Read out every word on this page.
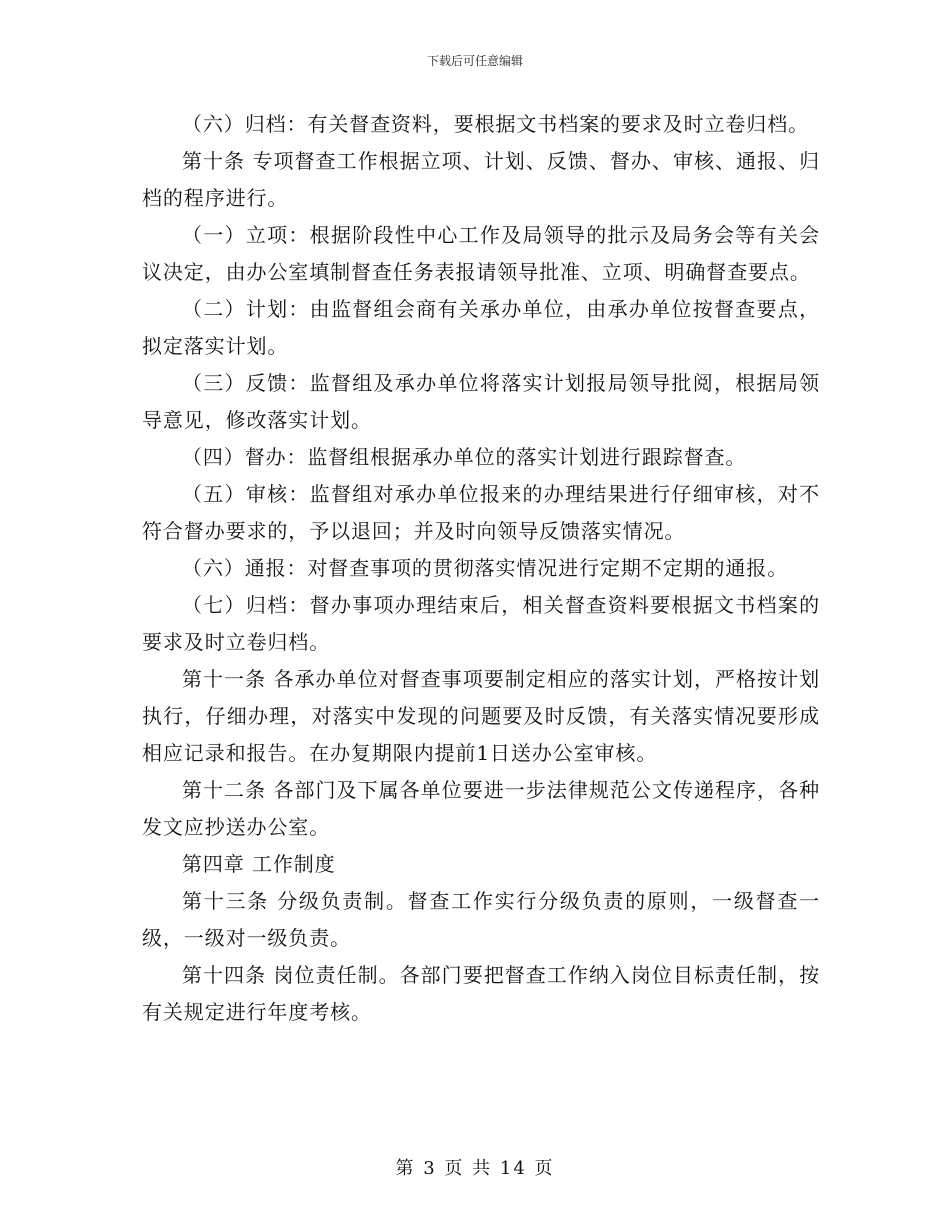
下载后可任意编辑

（六）归档：有关督查资料，要根据文书档案的要求及时立卷归档。

第十条 专项督查工作根据立项、计划、反馈、督办、审核、通报、归档的程序进行。

（一）立项：根据阶段性中心工作及局领导的批示及局务会等有关会议决定，由办公室填制督查任务表报请领导批准、立项、明确督查要点。

（二）计划：由监督组会商有关承办单位，由承办单位按督查要点，拟定落实计划。

（三）反馈：监督组及承办单位将落实计划报局领导批阅，根据局领导意见，修改落实计划。

（四）督办：监督组根据承办单位的落实计划进行跟踪督查。

（五）审核：监督组对承办单位报来的办理结果进行仔细审核，对不符合督办要求的，予以退回；并及时向领导反馈落实情况。

（六）通报：对督查事项的贯彻落实情况进行定期不定期的通报。

（七）归档：督办事项办理结束后，相关督查资料要根据文书档案的要求及时立卷归档。

第十一条 各承办单位对督查事项要制定相应的落实计划，严格按计划执行，仔细办理，对落实中发现的问题要及时反馈，有关落实情况要形成相应记录和报告。在办复期限内提前1日送办公室审核。

第十二条 各部门及下属各单位要进一步法律规范公文传递程序，各种发文应抄送办公室。

第四章 工作制度

第十三条 分级负责制。督查工作实行分级负责的原则，一级督查一级，一级对一级负责。

第十四条 岗位责任制。各部门要把督查工作纳入岗位目标责任制，按有关规定进行年度考核。

第 3 页 共 14 页
